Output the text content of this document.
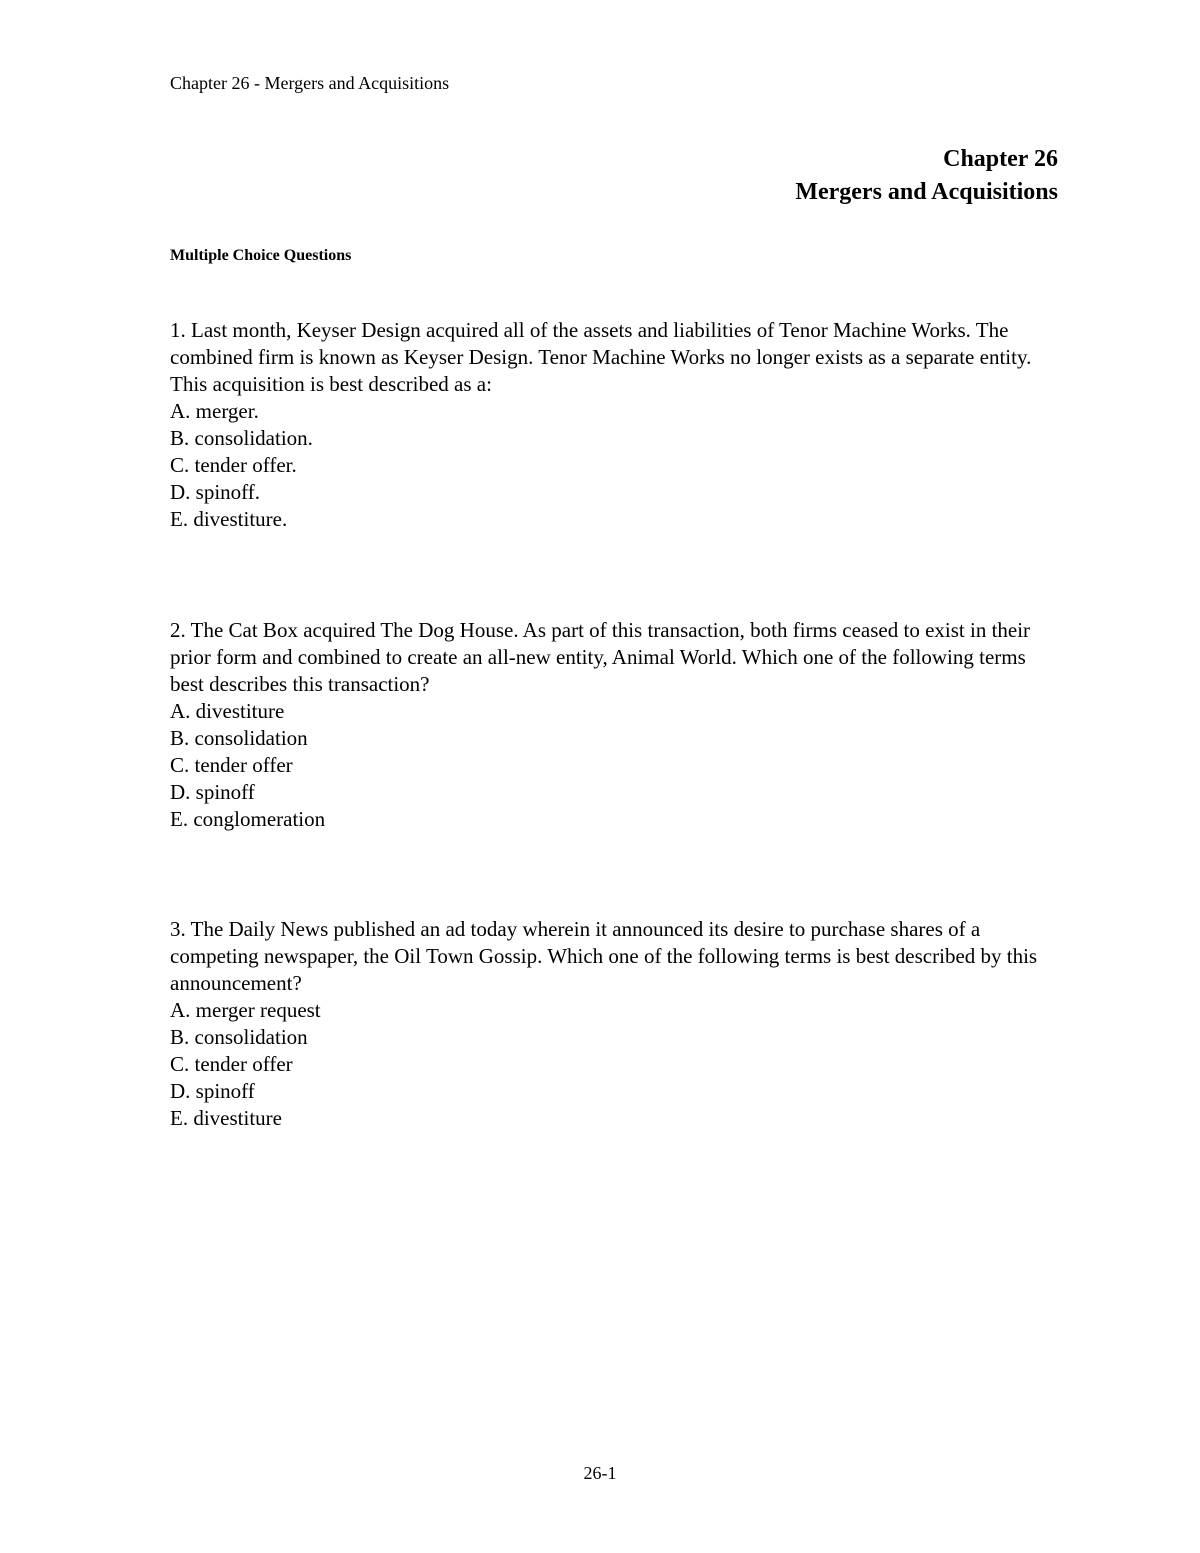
Chapter 26 - Mergers and Acquisitions
Chapter 26
Mergers and Acquisitions
Multiple Choice Questions

1. Last month, Keyser Design acquired all of the assets and liabilities of Tenor Machine Works. The combined firm is known as Keyser Design. Tenor Machine Works no longer exists as a separate entity. This acquisition is best described as a:

A. merger.

B. consolidation.

C. tender offer.

D. spinoff.

E. divestiture.

2. The Cat Box acquired The Dog House. As part of this transaction, both firms ceased to exist in their prior form and combined to create an all-new entity, Animal World. Which one of the following terms best describes this transaction?

A. divestiture

B. consolidation

C. tender offer

D. spinoff

E. conglomeration

3. The Daily News published an ad today wherein it announced its desire to purchase shares of a competing newspaper, the Oil Town Gossip. Which one of the following terms is best described by this announcement?

A. merger request

B. consolidation

C. tender offer

D. spinoff

E. divestiture

26-1
